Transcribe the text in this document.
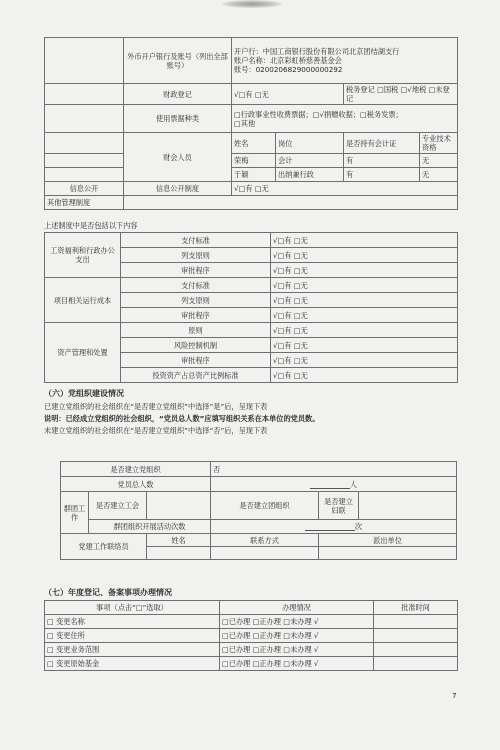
	外币开户银行及账号（列出全部账号）	开户行：中国工商银行股份有限公司北京团结湖支行
账户名称：北京彩虹桥慈善基金会
账号：0200206829000000292			

	财政登记	√□有 □无		税务登记 □国税 □√地税 □未登记	
	使用票据种类	□行政事业性收费票据；□√捐赠收据；□税务发票；
□其他			

	财会人员	姓名	岗位	是否持有会计证	专业技术资格
		荣梅	会计	有	无
		于颖	出纳兼行政	有	无
信息公开	信息公开制度	√□有 □无			
其他管理制度					
上述制度中是否包括以下内容
工资福利和行政办公支出	支付标准	√□有 □无
	列支原则	√□有 □无
	审批程序	√□有 □无
项目相关运行成本	支付标准	√□有 □无
	列支原则	√□有 □无
	审批程序	√□有 □无
资产管理和处置	原则	√□有 □无
	风险控制机制	√□有 □无
	审批程序	√□有 □无
	投资资产占总资产比例标准	√□有 □无
（六）党组织建设情况
已建立党组织的社会组织在“是否建立党组织”中选择“是”后，呈现下表
说明：已经成立党组织的社会组织，“党员总人数”应填写组织关系在本单位的党员数。
未建立党组织的社会组织在“是否建立党组织”中选择“否”后，呈现下表
是否建立党组织			否		
党员总人数			人		
群团工作	是否建立工会		是否建立团组织	是否建立妇联	
	群团组织开展活动次数		次		
党建工作联络员		姓名	联系方式	派出单位	

（七）年度登记、备案事项办理情况
事项（点击“□”选取）	办理情况	批准时间
□ 变更名称	□已办理 □正办理 □未办理 √	
□ 变更住所	□已办理 □正办理 □未办理 √	
□ 变更业务范围	□已办理 □正办理 □未办理 √	
□ 变更原始基金	□已办理 □正办理 □未办理 √	
7
